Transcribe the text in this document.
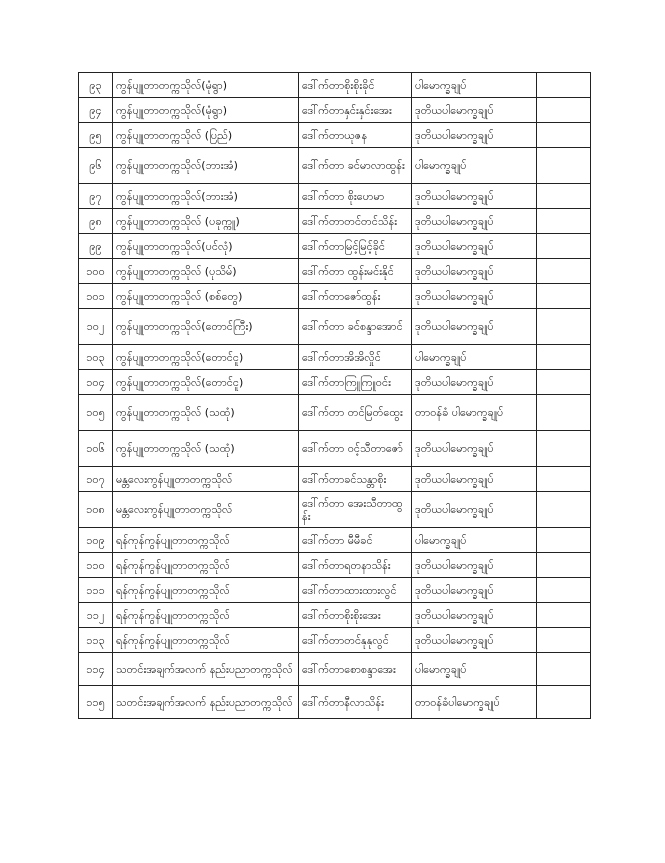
၉၃	ကွန်ပျူတာတက္ကသိုလ်(မုံရွာ)	ဒေါ်က်တာစိုးစိုးခိုင်	ပါမောက္ခချုပ်	
၉၄	ကွန်ပျူတာတက္ကသိုလ်(မုံရွာ)	ဒေါ်က်တာနှင်းနှင်းအေး	ဒုတိယပါမောက္ခချုပ်	
၉၅	ကွန်ပျူတာတက္ကသိုလ် (ပြည်)	ဒေါ်က်တာယုဇန	ဒုတိယပါမောက္ခချုပ်	
၉၆	ကွန်ပျူတာတက္ကသိုလ်(ဘားအံ)	ဒေါ်က်တာ ခင်မာလာထွန်း	ပါမောက္ခချုပ်	
၉၇	ကွန်ပျူတာတက္ကသိုလ်(ဘားအံ)	ဒေါ်က်တာ စိုးဟေမာ	ဒုတိယပါမောက္ခချုပ်	
၉၈	ကွန်ပျူတာတက္ကသိုလ် (ပခုက္ကူ)	ဒေါ်က်တာတင်တင်သိန်း	ဒုတိယပါမောက္ခချုပ်	
၉၉	ကွန်ပျူတာတက္ကသိုလ်(ပင်လုံ)	ဒေါ်က်တာမြင့်မြင့်ခိုင်	ဒုတိယပါမောက္ခချုပ်	
၁၀၀	ကွန်ပျူတာတက္ကသိုလ် (ပုသိမ်)	ဒေါ်က်တာ ထွန်းမင်းနိုင်	ဒုတိယပါမောက္ခချုပ်	
၁၀၁	ကွန်ပျူတာတက္ကသိုလ် (စစ်တွေ)	ဒေါ်က်တာဇော်ထွန်း	ဒုတိယပါမောက္ခချုပ်	
၁၀၂	ကွန်ပျူတာတက္ကသိုလ်(တောင်ကြီး)	ဒေါ်က်တာ ခင်စန္ဒာအောင်	ဒုတိယပါမောက္ခချုပ်	
၁၀၃	ကွန်ပျူတာတက္ကသိုလ်(တောင်ငူ)	ဒေါ်က်တာအိအိလှိုင်	ပါမောက္ခချုပ်	
၁၀၄	ကွန်ပျူတာတက္ကသိုလ်(တောင်ငူ)	ဒေါ်က်တာကြူကြူဝင်း	ဒုတိယပါမောက္ခချုပ်	
၁၀၅	ကွန်ပျူတာတက္ကသိုလ် (သထုံ)	ဒေါ်က်တာ တင်မြတ်ထွေး	တာဝန်ခံ ပါမောက္ခချုပ်	
၁၀၆	ကွန်ပျူတာတက္ကသိုလ် (သထုံ)	ဒေါ်က်တာ ဝင့်သီတာဇော်	ဒုတိယပါမောက္ခချုပ်	
၁၀၇	မန္တလေးကွန်ပျူတာတက္ကသိုလ်	ဒေါ်က်တာခင်သန္တာစိုး	ဒုတိယပါမောက္ခချုပ်	
၁၀၈	မန္တလေးကွန်ပျူတာတက္ကသိုလ်	ဒေါ်က်တာ အေးသီတာထွန်း	ဒုတိယပါမောက္ခချုပ်	
၁၀၉	ရန်ကုန်ကွန်ပျူတာတက္ကသိုလ်	ဒေါ်က်တာ မီမီခင်	ပါမောက္ခချုပ်	
၁၁၀	ရန်ကုန်ကွန်ပျူတာတက္ကသိုလ်	ဒေါ်က်တာရတနာသိန်း	ဒုတိယပါမောက္ခချုပ်	
၁၁၁	ရန်ကုန်ကွန်ပျူတာတက္ကသိုလ်	ဒေါ်က်တာထားထားလွင်	ဒုတိယပါမောက္ခချုပ်	
၁၁၂	ရန်ကုန်ကွန်ပျူတာတက္ကသိုလ်	ဒေါ်က်တာစိုးစိုးအေး	ဒုတိယပါမောက္ခချုပ်	
၁၁၃	ရန်ကုန်ကွန်ပျူတာတက္ကသိုလ်	ဒေါ်က်တာတင်နုနုလွင်	ဒုတိယပါမောက္ခချုပ်	
၁၁၄	သတင်းအချက်အလက် နည်းပညာတက္ကသိုလ်	ဒေါ်က်တာစောစန္ဒာအေး	ပါမောက္ခချုပ်	
၁၁၅	သတင်းအချက်အလက် နည်းပညာတက္ကသိုလ်	ဒေါ်က်တာနီလာသိန်း	တာဝန်ခံပါမောက္ခချုပ်	
